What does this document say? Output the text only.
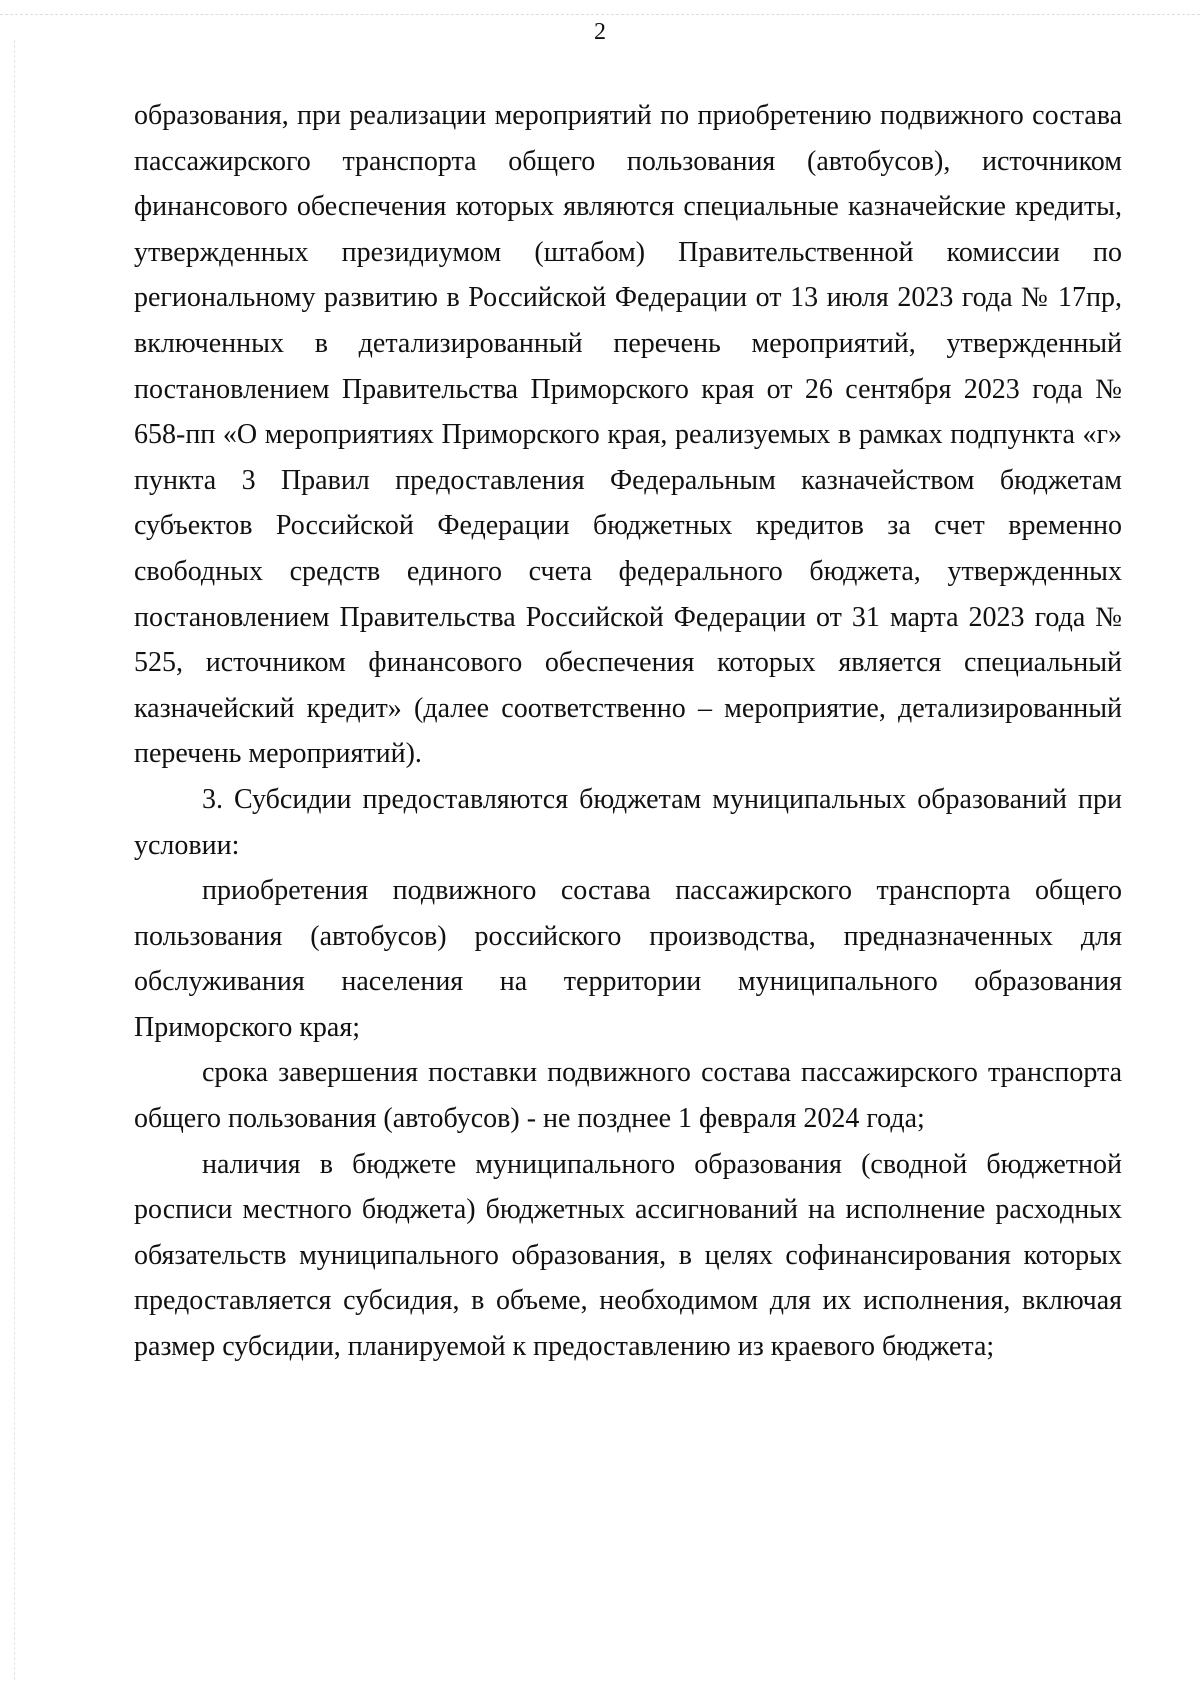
2

образования, при реализации мероприятий по приобретению подвижного состава пассажирского транспорта общего пользования (автобусов), источником финансового обеспечения которых являются специальные казначейские кредиты, утвержденных президиумом (штабом) Правительственной комиссии по региональному развитию в Российской Федерации от 13 июля 2023 года № 17пр, включенных в детализированный перечень мероприятий, утвержденный постановлением Правительства Приморского края от 26 сентября 2023 года № 658-пп «О мероприятиях Приморского края, реализуемых в рамках подпункта «г» пункта 3 Правил предоставления Федеральным казначейством бюджетам субъектов Российской Федерации бюджетных кредитов за счет временно свободных средств единого счета федерального бюджета, утвержденных постановлением Правительства Российской Федерации от 31 марта 2023 года № 525, источником финансового обеспечения которых является специальный казначейский кредит» (далее соответственно – мероприятие, детализированный перечень мероприятий).

3. Субсидии предоставляются бюджетам муниципальных образований при условии:

приобретения подвижного состава пассажирского транспорта общего пользования (автобусов) российского производства, предназначенных для обслуживания населения на территории муниципального образования Приморского края;

срока завершения поставки подвижного состава пассажирского транспорта общего пользования (автобусов) - не позднее 1 февраля 2024 года;

наличия в бюджете муниципального образования (сводной бюджетной росписи местного бюджета) бюджетных ассигнований на исполнение расходных обязательств муниципального образования, в целях софинансирования которых предоставляется субсидия, в объеме, необходимом для их исполнения, включая размер субсидии, планируемой к предоставлению из краевого бюджета;
